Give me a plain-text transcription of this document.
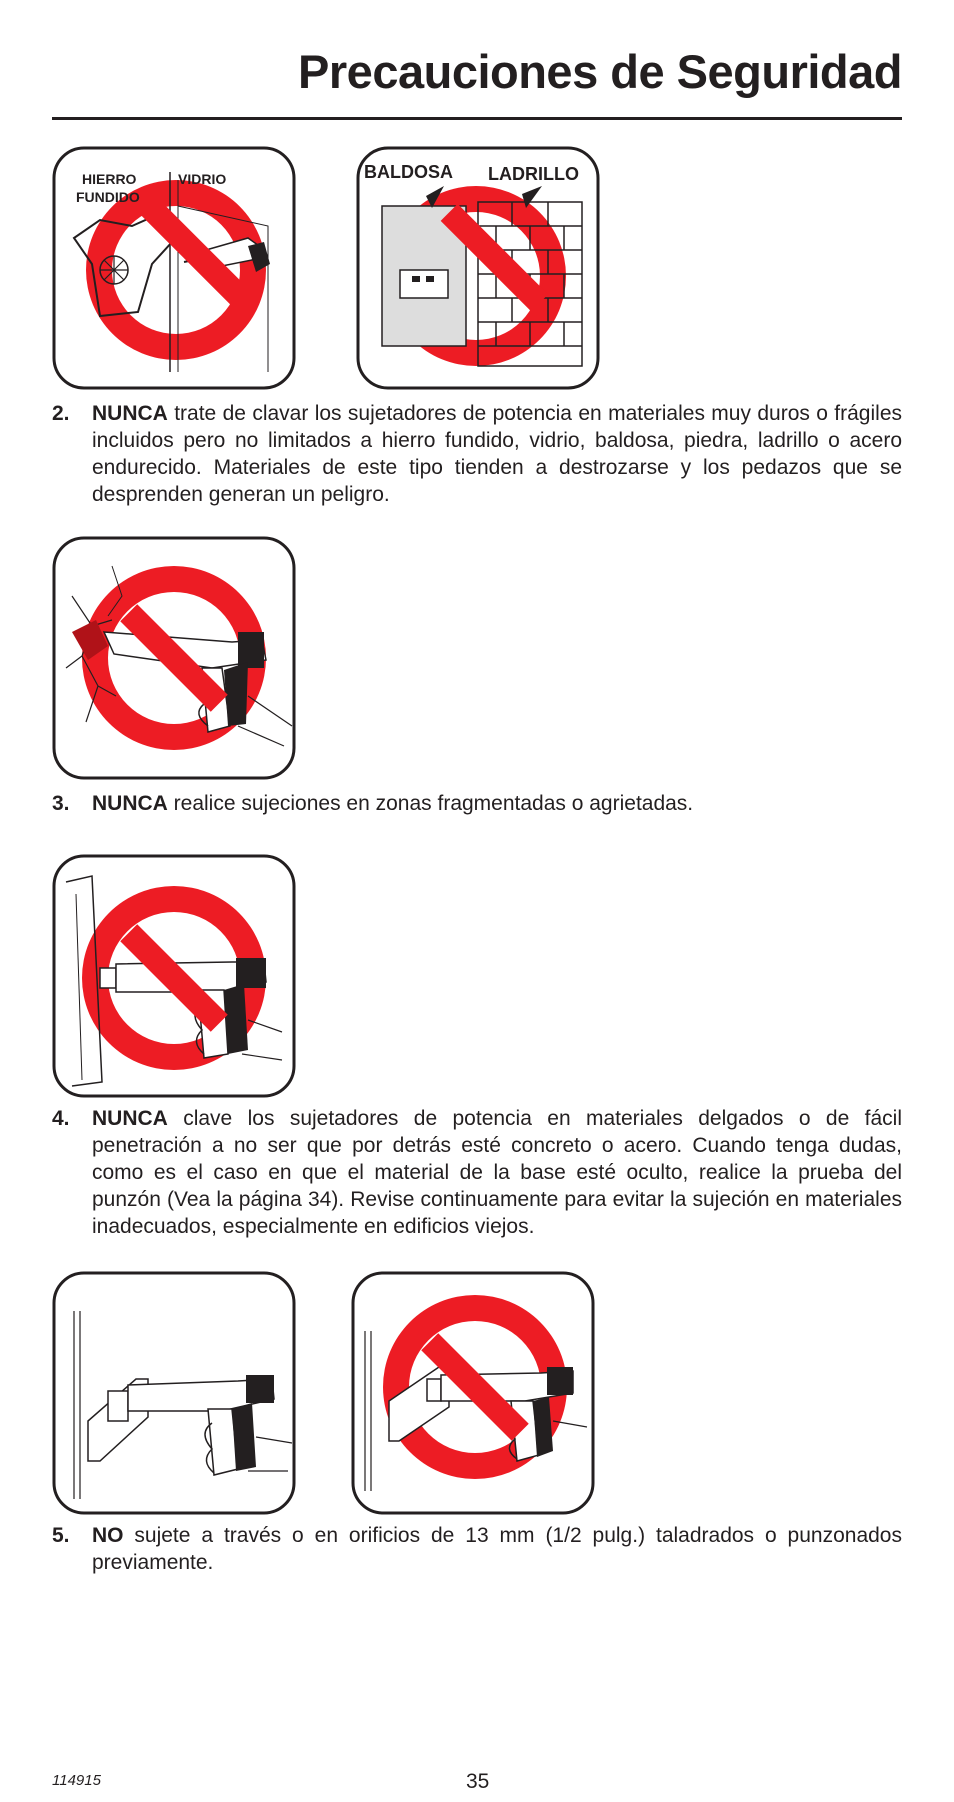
Precauciones de Seguridad
HIERRO
FUNDIDO
VIDRIO	BALDOSA LADRILLO
2. NUNCA trate de clavar los sujetadores de potencia en materiales muy duros o frágiles incluidos pero no limitados a hierro fundido, vidrio, baldosa, piedra, ladrillo o acero endurecido. Materiales de este tipo tienden a destrozarse y los pedazos que se desprenden generan un peligro.
3. NUNCA realice sujeciones en zonas fragmentadas o agrietadas.
4. NUNCA clave los sujetadores de potencia en materiales delgados o de fácil penetración a no ser que por detrás esté concreto o acero. Cuando tenga dudas, como es el caso en que el material de la base esté oculto, realice la prueba del punzón (Vea la página 34). Revise continuamente para evitar la sujeción en materiales inadecuados, especialmente en edificios viejos.
5. NO sujete a través o en orificios de 13 mm (1/2 pulg.) taladrados o punzonados previamente.
114915	35
